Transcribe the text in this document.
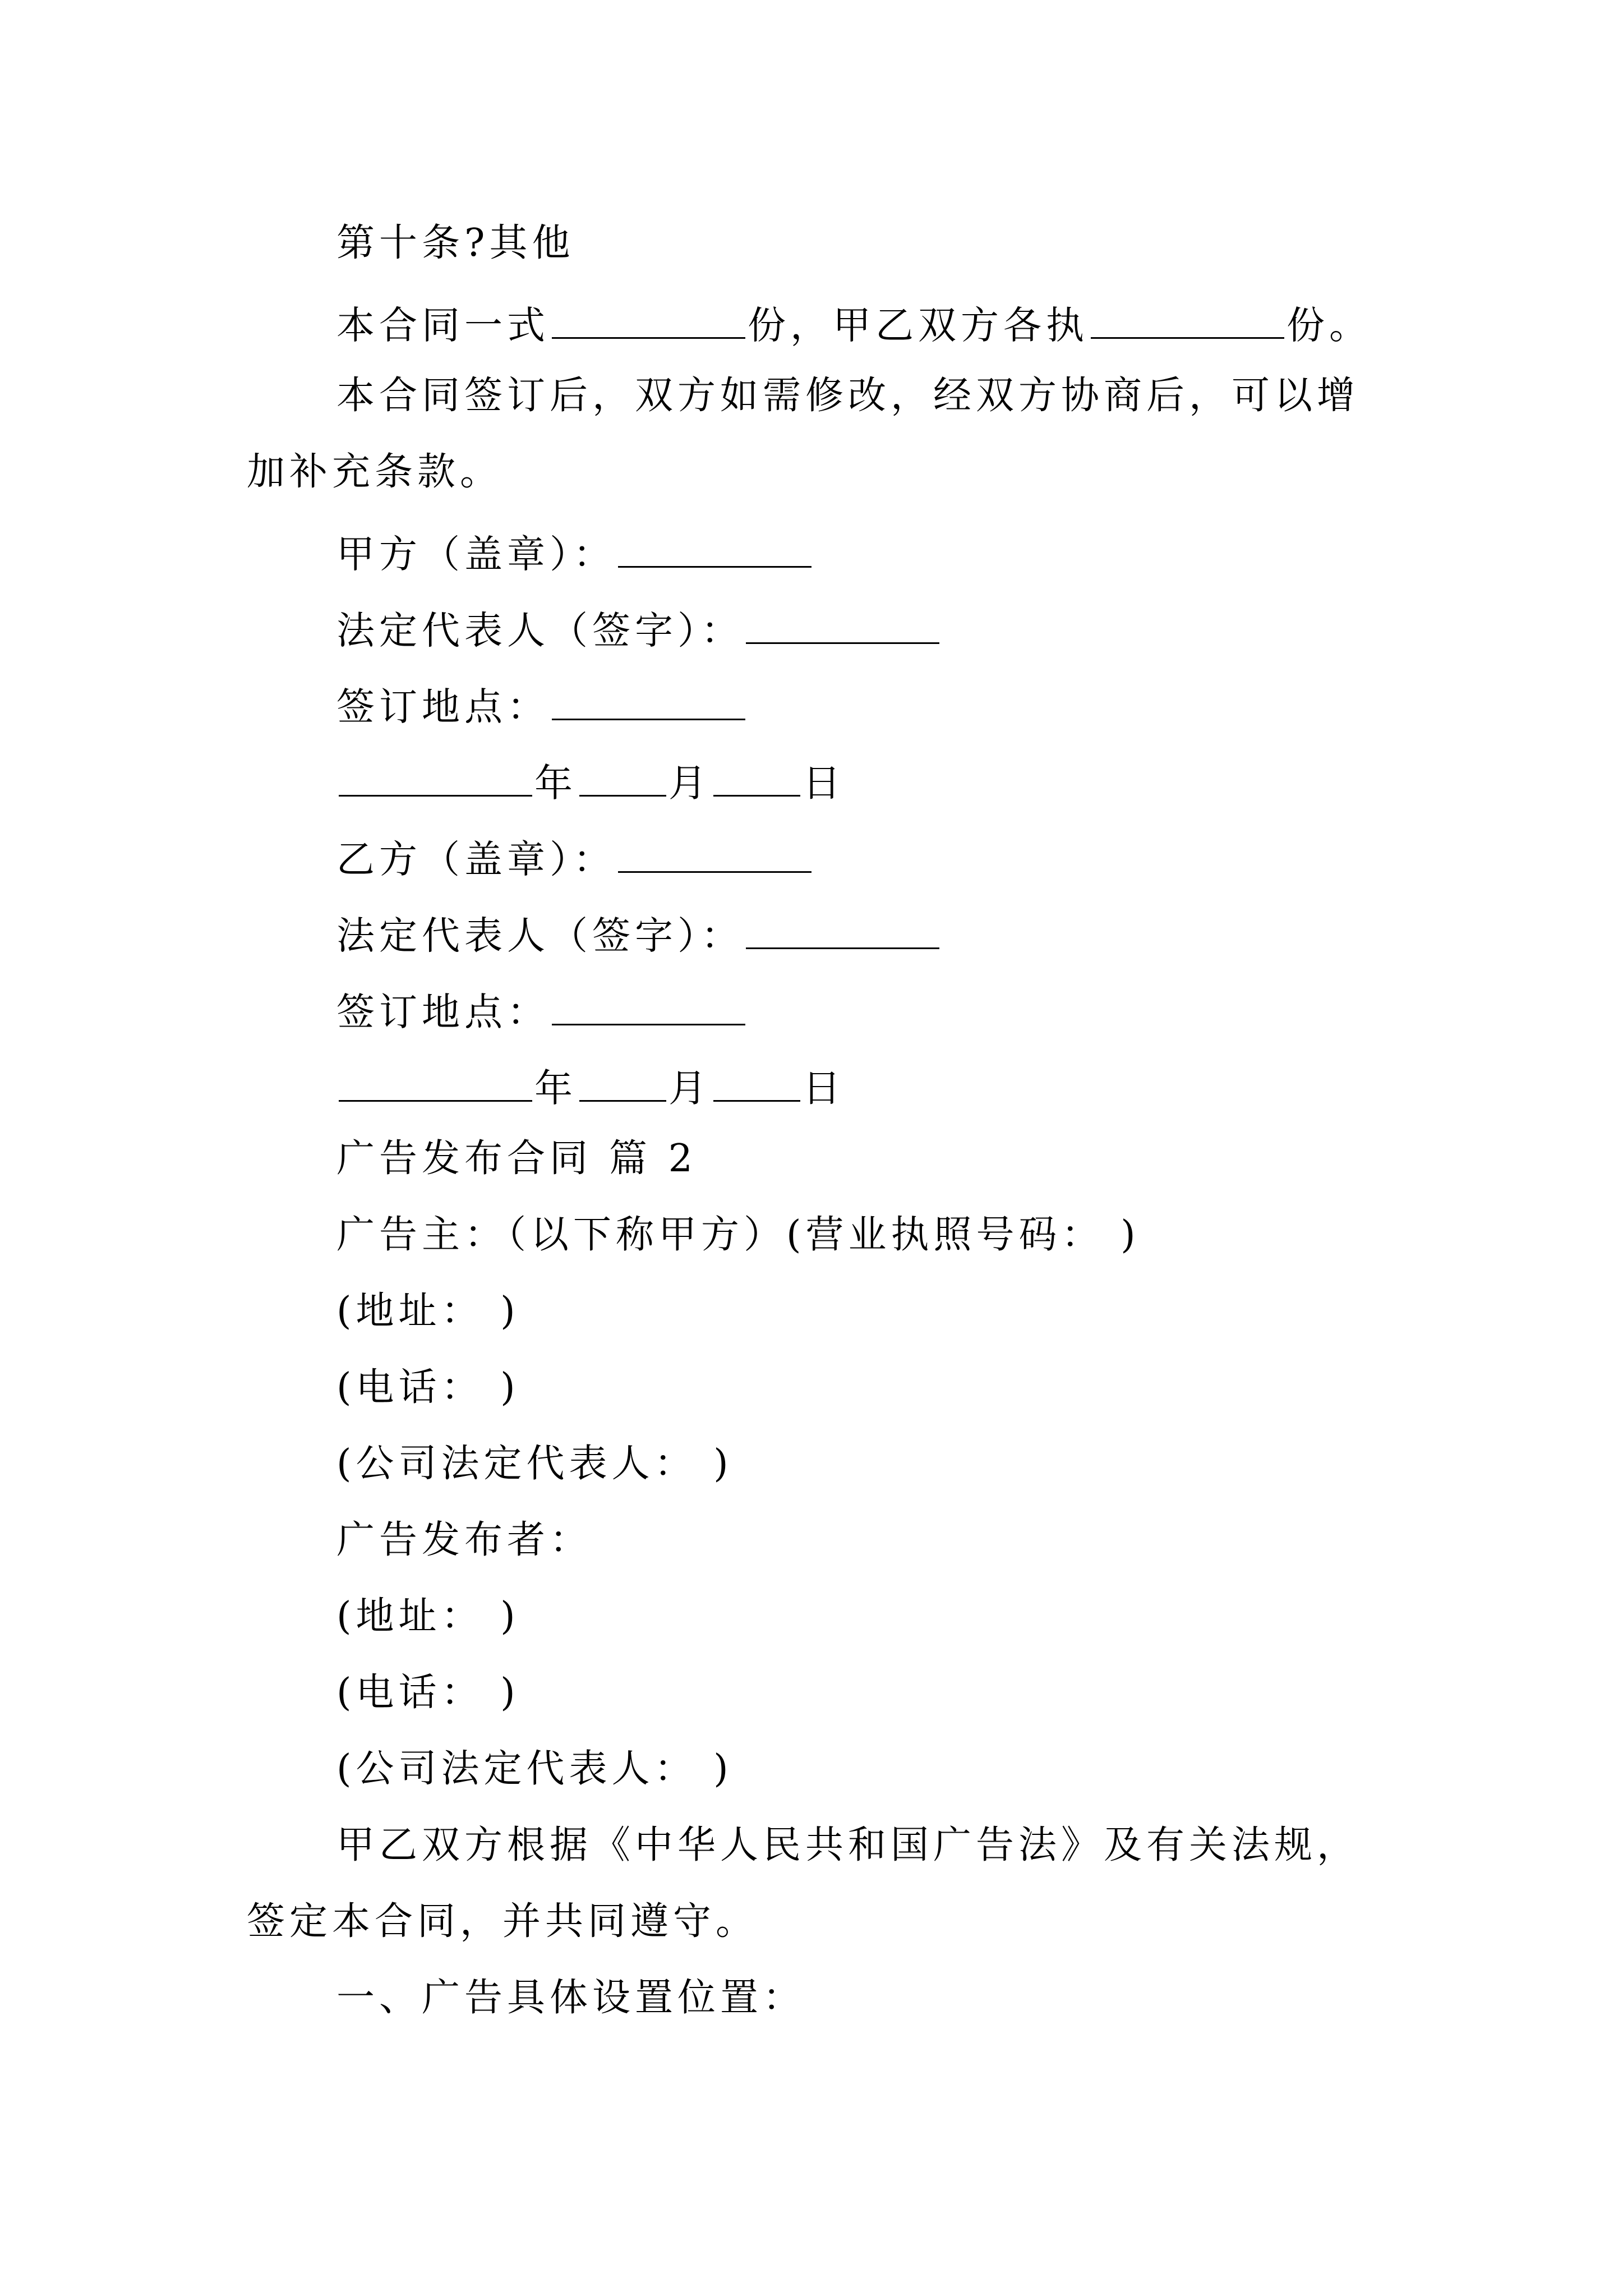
第十条?其他
本合同一式	份，甲乙双方各执	份。
本合同签订后，双方如需修改，经双方协商后，可以增
加补充条款。
甲方（盖章）：
法定代表人（签字）：
签订地点：
年 月 日
乙方（盖章）：
法定代表人（签字）：
签订地点：
年 月 日
广告发布合同 篇 2
广告主：（以下称甲方）(营业执照号码： )
(地址： )
(电话： )
(公司法定代表人： )
广告发布者：
(地址： )
(电话： )
(公司法定代表人： )
甲乙双方根据《中华人民共和国广告法》及有关法规，
签定本合同，并共同遵守。
一、广告具体设置位置：
